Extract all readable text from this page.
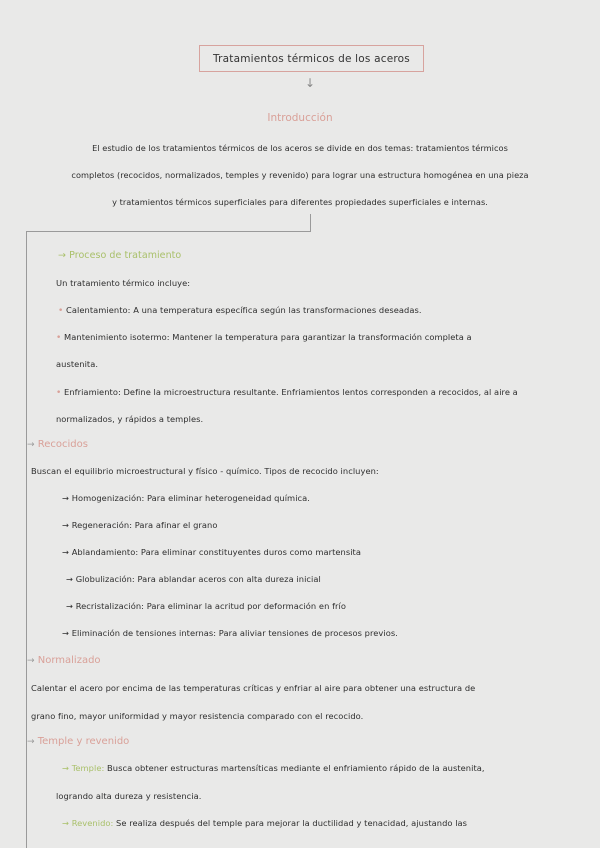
Tratamientos térmicos de los aceros
↓
Introducción
El estudio de los tratamientos térmicos de los aceros se divide en dos temas: tratamientos térmicos
completos (recocidos, normalizados, temples y revenido) para lograr una estructura homogénea en una pieza
y tratamientos térmicos superficiales para diferentes propiedades superficiales e internas.
→ Proceso de tratamiento
Un tratamiento térmico incluye:
• Calentamiento: A una temperatura específica según las transformaciones deseadas.
• Mantenimiento isotermo: Mantener la temperatura para garantizar la transformación completa a
austenita.
• Enfriamiento: Define la microestructura resultante. Enfriamientos lentos corresponden a recocidos, al aire a
normalizados, y rápidos a temples.
→ Recocidos
Buscan el equilibrio microestructural y físico - químico. Tipos de recocido incluyen:
→ Homogenización: Para eliminar heterogeneidad química.
→ Regeneración: Para afinar el grano
→ Ablandamiento: Para eliminar constituyentes duros como martensita
→ Globulización: Para ablandar aceros con alta dureza inicial
→ Recristalización: Para eliminar la acritud por deformación en frío
→ Eliminación de tensiones internas: Para aliviar tensiones de procesos previos.
→ Normalizado
Calentar el acero por encima de las temperaturas críticas y enfriar al aire para obtener una estructura de
grano fino, mayor uniformidad y mayor resistencia comparado con el recocido.
→ Temple y revenido
→ Temple: Busca obtener estructuras martensíticas mediante el enfriamiento rápido de la austenita,
logrando alta dureza y resistencia.
→ Revenido: Se realiza después del temple para mejorar la ductilidad y tenacidad, ajustando las
